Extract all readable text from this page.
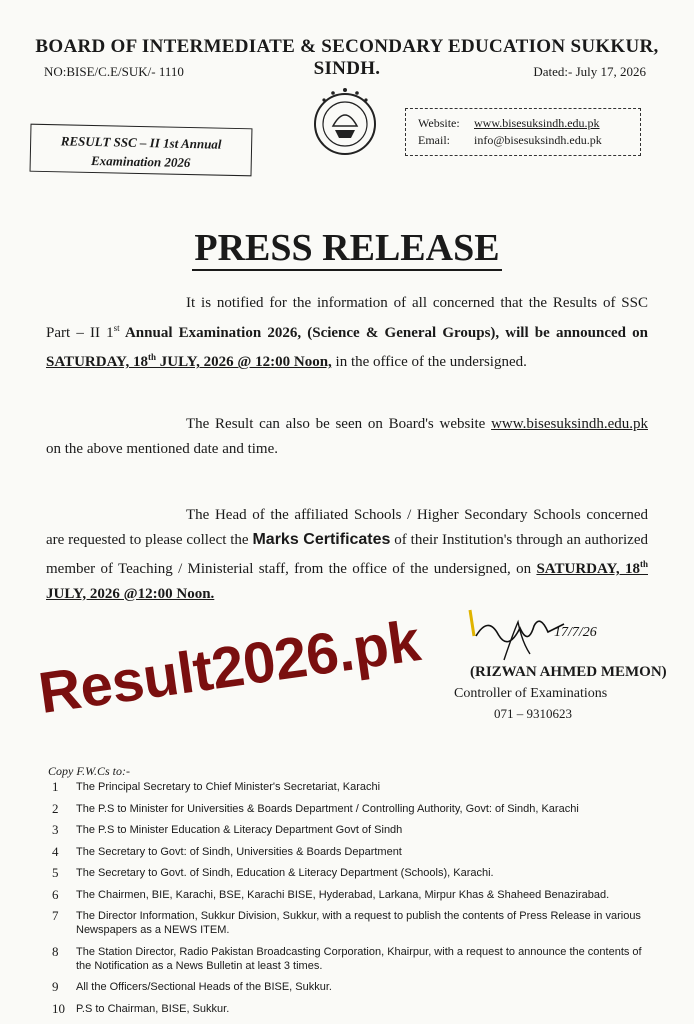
BOARD OF INTERMEDIATE & SECONDARY EDUCATION SUKKUR, SINDH.
NO:BISE/C.E/SUK/- 1110	Dated:- July 17, 2026
RESULT SSC – II 1st Annual
Examination 2026
Website: www.bisesuksindh.edu.pk
Email: info@bisesuksindh.edu.pk
PRESS RELEASE
It is notified for the information of all concerned that the Results of SSC Part – II 1st Annual Examination 2026, (Science & General Groups), will be announced on SATURDAY, 18th JULY, 2026 @ 12:00 Noon, in the office of the undersigned.
The Result can also be seen on Board's website www.bisesuksindh.edu.pk on the above mentioned date and time.
The Head of the affiliated Schools / Higher Secondary Schools concerned are requested to please collect the Marks Certificates of their Institution's through an authorized member of Teaching / Ministerial staff, from the office of the undersigned, on SATURDAY, 18th JULY, 2026 @12:00 Noon.
17/7/26
(RIZWAN AHMED MEMON)
Controller of Examinations
071 – 9310623
Result2026.pk
Copy F.W.Cs to:-
1 The Principal Secretary to Chief Minister's Secretariat, Karachi
2 The P.S to Minister for Universities & Boards Department / Controlling Authority, Govt: of Sindh, Karachi
3 The P.S to Minister Education & Literacy Department Govt of Sindh
4 The Secretary to Govt: of Sindh, Universities & Boards Department
5 The Secretary to Govt. of Sindh, Education & Literacy Department (Schools), Karachi.
6 The Chairmen, BIE, Karachi, BSE, Karachi BISE, Hyderabad, Larkana, Mirpur Khas & Shaheed Benazirabad.
7 The Director Information, Sukkur Division, Sukkur, with a request to publish the contents of Press Release in various Newspapers as a NEWS ITEM.
8 The Station Director, Radio Pakistan Broadcasting Corporation, Khairpur, with a request to announce the contents of the Notification as a News Bulletin at least 3 times.
9 All the Officers/Sectional Heads of the BISE, Sukkur.
10 P.S to Chairman, BISE, Sukkur.
